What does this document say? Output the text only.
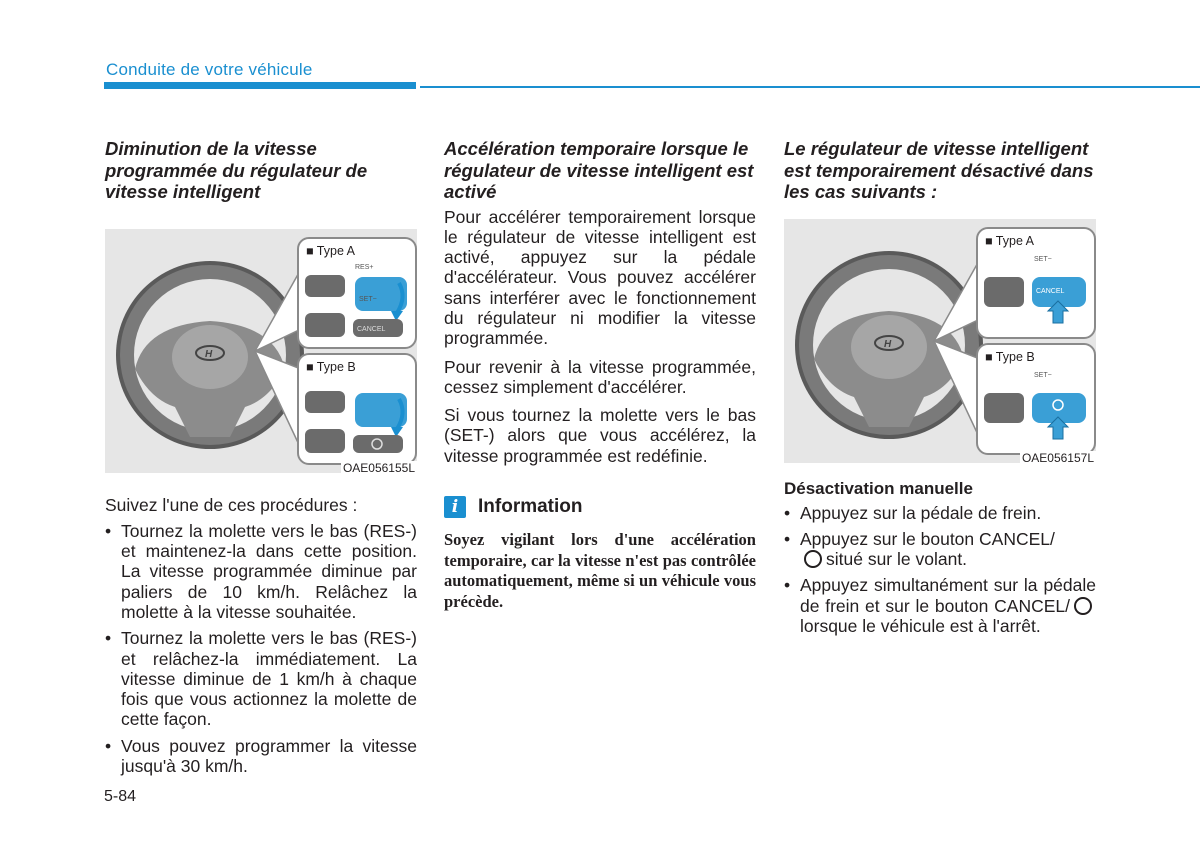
Conduite de votre véhicule
Diminution de la vitesse programmée du régulateur de vitesse intelligent
H
■ Type A
RES+
SET−
CANCEL
■ Type B
OAE056155L

Suivez l'une de ces procédures :

• Tournez la molette vers le bas (RES-) et maintenez-la dans cette position. La vitesse programmée diminue par paliers de 10 km/h. Relâchez la molette à la vitesse souhaitée.
• Tournez la molette vers le bas (RES-) et relâchez-la immédiatement. La vitesse diminue de 1 km/h à chaque fois que vous actionnez la molette de cette façon.
• Vous pouvez programmer la vitesse jusqu'à 30 km/h.
Accélération temporaire lorsque le régulateur de vitesse intelligent est activé

Pour accélérer temporairement lorsque le régulateur de vitesse intelligent est activé, appuyez sur la pédale d'accélérateur. Vous pouvez accélérer sans interférer avec le fonctionnement du régulateur ni modifier la vitesse programmée.

Pour revenir à la vitesse programmée, cessez simplement d'accélérer.

Si vous tournez la molette vers le bas (SET-) alors que vous accélérez, la vitesse programmée est redéfinie.

i	Information
Soyez vigilant lors d'une accélération temporaire, car la vitesse n'est pas contrôlée automatiquement, même si un véhicule vous précède.
Le régulateur de vitesse intelligent est temporairement désactivé dans les cas suivants :
H
■ Type A
SET−
CANCEL
■ Type B
SET−
OAE056157L
Désactivation manuelle
• Appuyez sur la pédale de frein.
• Appuyez sur le bouton CANCEL/
situé sur le volant.
• Appuyez simultanément sur la pédale de frein et sur le bouton CANCEL/ lorsque le véhicule est à l'arrêt.
5-84
